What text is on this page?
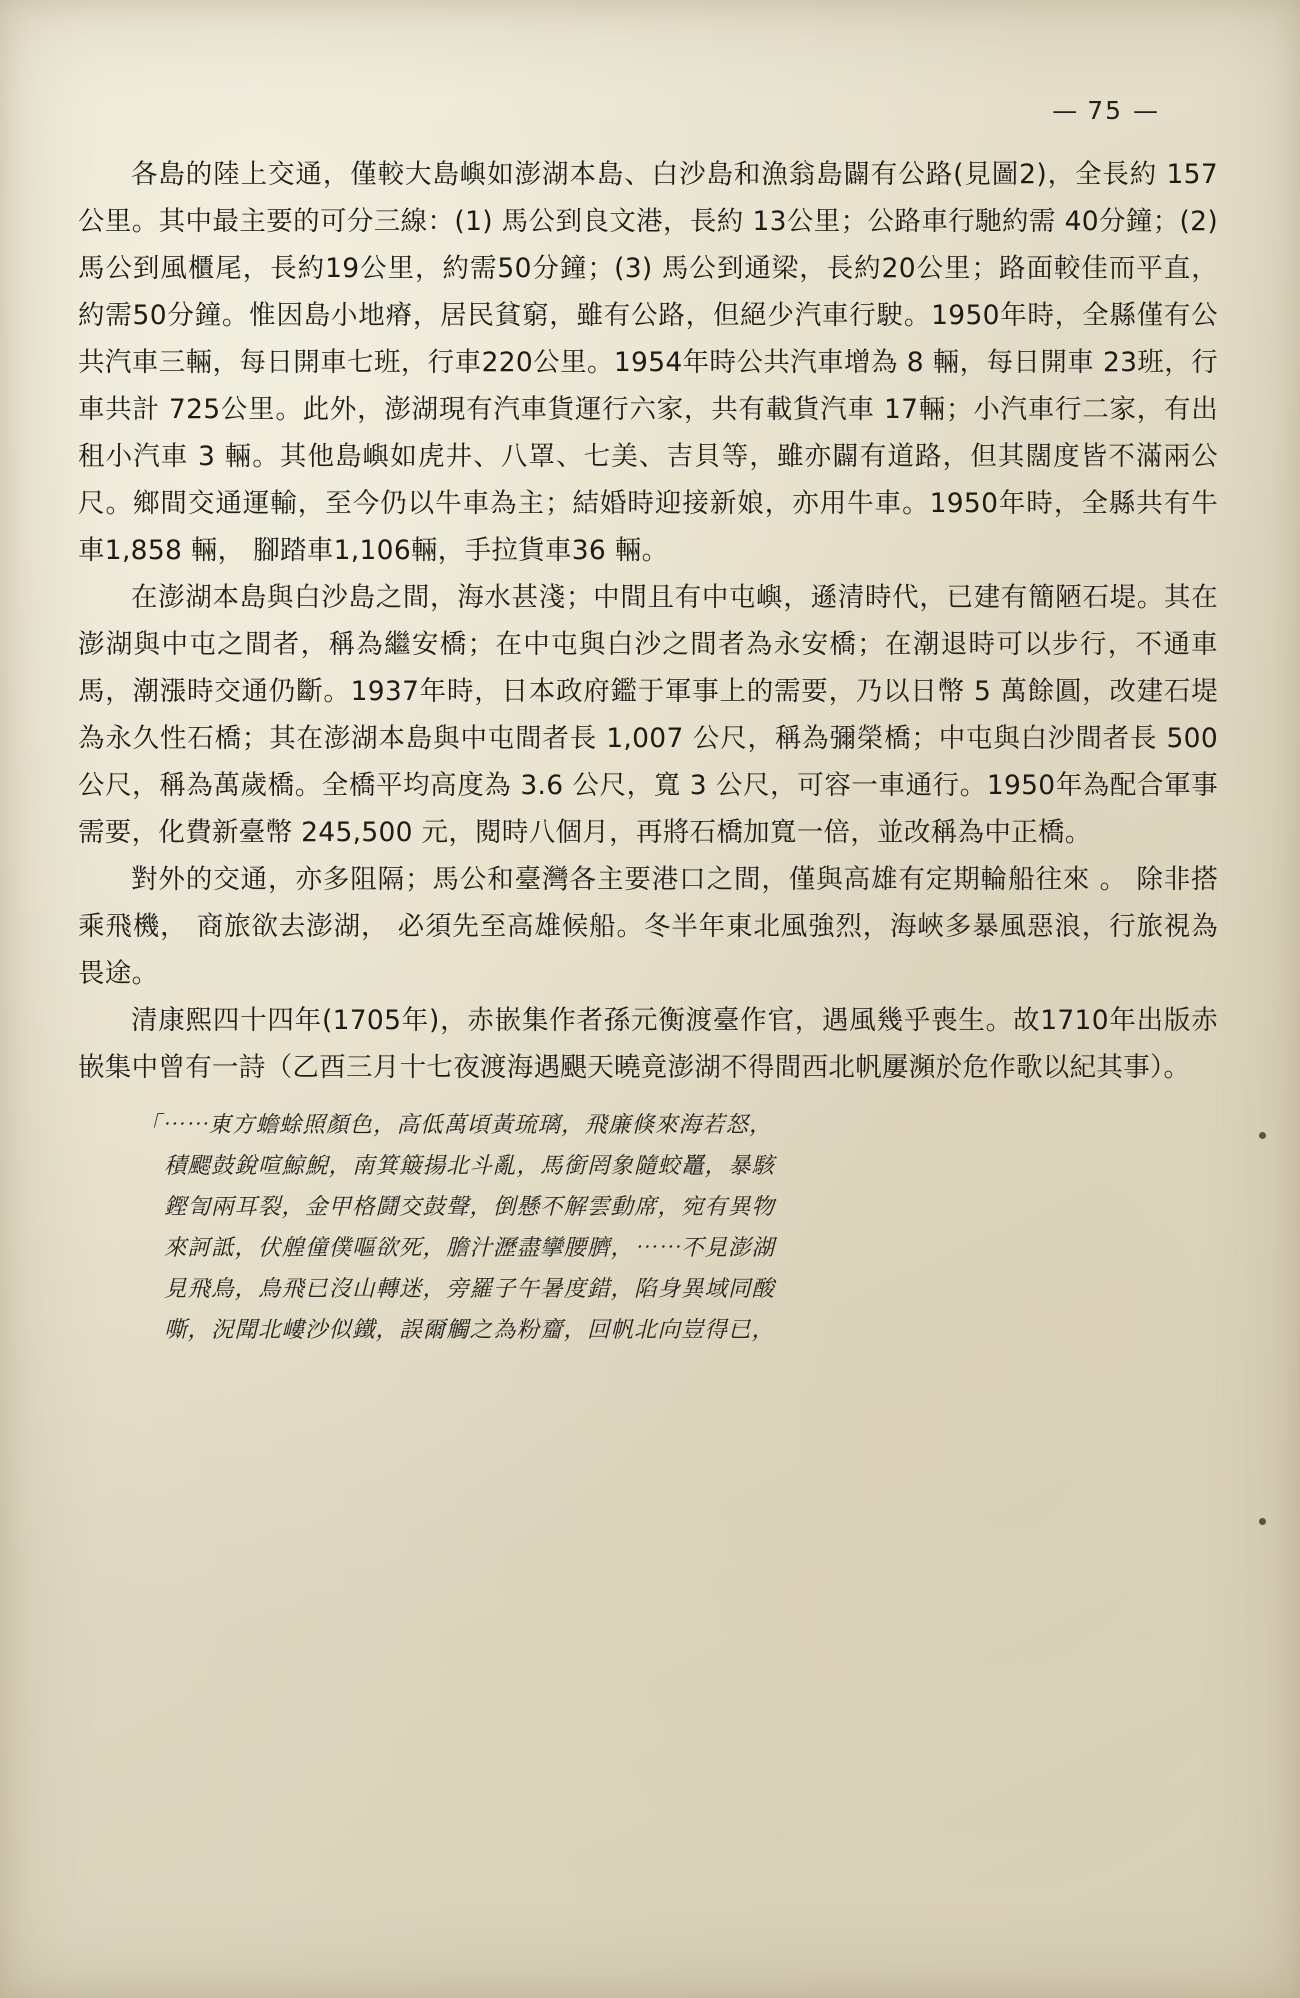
— 75 —

各島的陸上交通，僅較大島嶼如澎湖本島、白沙島和漁翁島闢有公路(見圖2)，全長約 157 公里。其中最主要的可分三線：(1) 馬公到良文港，長約 13公里；公路車行馳約需 40分鐘；(2) 馬公到風櫃尾，長約19公里，約需50分鐘；(3) 馬公到通梁，長約20公里；路面較佳而平直，約需50分鐘。惟因島小地瘠，居民貧窮，雖有公路，但絕少汽車行駛。1950年時，全縣僅有公共汽車三輛，每日開車七班，行車220公里。1954年時公共汽車增為 8 輛，每日開車 23班，行車共計 725公里。此外，澎湖現有汽車貨運行六家，共有載貨汽車 17輛；小汽車行二家，有出租小汽車 3 輛。其他島嶼如虎井、八罩、七美、吉貝等，雖亦闢有道路，但其闊度皆不滿兩公尺。鄉間交通運輸，至今仍以牛車為主；結婚時迎接新娘，亦用牛車。1950年時，全縣共有牛車1,858 輛， 腳踏車1,106輛，手拉貨車36 輛。

在澎湖本島與白沙島之間，海水甚淺；中間且有中屯嶼，遜清時代，已建有簡陋石堤。其在澎湖與中屯之間者，稱為繼安橋；在中屯與白沙之間者為永安橋；在潮退時可以步行，不通車馬，潮漲時交通仍斷。1937年時，日本政府鑑于軍事上的需要，乃以日幣 5 萬餘圓，改建石堤為永久性石橋；其在澎湖本島與中屯間者長 1,007 公尺，稱為彌榮橋；中屯與白沙間者長 500 公尺，稱為萬歲橋。全橋平均高度為 3.6 公尺，寬 3 公尺，可容一車通行。1950年為配合軍事需要，化費新臺幣 245,500 元，閱時八個月，再將石橋加寬一倍，並改稱為中正橋。

對外的交通，亦多阻隔；馬公和臺灣各主要港口之間，僅與高雄有定期輪船往來 。 除非搭乘飛機， 商旅欲去澎湖， 必須先至高雄候船。冬半年東北風強烈，海峽多暴風惡浪，行旅視為畏途。

清康熙四十四年(1705年)，赤嵌集作者孫元衡渡臺作官，遇風幾乎喪生。故1710年出版赤嵌集中曾有一詩（乙酉三月十七夜渡海遇颶天曉竟澎湖不得間西北帆屢瀕於危作歌以紀其事）。

「⋯⋯東方蟾蜍照顏色，高低萬頃黃琉璃，飛廉倏來海若怒，
積颸鼓銳喧鯨鯢，南箕簸揚北斗亂，馬銜罔象隨蛟鼉，暴駭
鏗訇兩耳裂，金甲格鬪交鼓聲，倒懸不解雲動席，宛有異物
來訶詆，伏艎僮僕嘔欲死，膽汁瀝盡攣腰臍，⋯⋯不見澎湖
見飛鳥，鳥飛已沒山轉迷，旁羅子午暑度錯，陷身異域同酸
嘶，況聞北嶁沙似鐵，誤爾觸之為粉齏，回帆北向豈得已，
